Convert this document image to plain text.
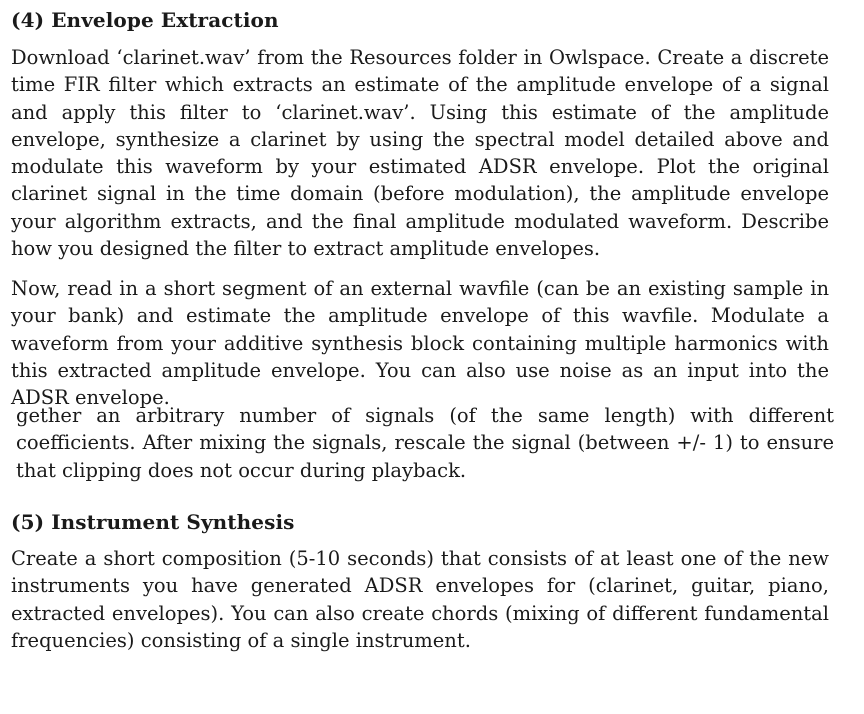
(4) Envelope Extraction
Download ‘clarinet.wav’ from the Resources folder in Owlspace. Create a discrete time FIR filter which extracts an estimate of the amplitude envelope of a signal and apply this filter to ‘clarinet.wav’. Using this estimate of the amplitude envelope, synthesize a clarinet by using the spectral model detailed above and modulate this waveform by your estimated ADSR envelope. Plot the original clarinet signal in the time domain (before modulation), the amplitude envelope your algorithm extracts, and the final amplitude modulated waveform. Describe how you designed the filter to extract amplitude envelopes.
Now, read in a short segment of an external wavfile (can be an existing sample in your bank) and estimate the amplitude envelope of this wavfile. Modulate a waveform from your additive synthesis block containing multiple harmonics with this extracted amplitude envelope. You can also use noise as an input into the ADSR envelope.
gether an arbitrary number of signals (of the same length) with different coefficients. After mixing the signals, rescale the signal (between +/- 1) to ensure that clipping does not occur during playback.
(5) Instrument Synthesis
Create a short composition (5-10 seconds) that consists of at least one of the new instruments you have generated ADSR envelopes for (clarinet, guitar, piano, extracted envelopes). You can also create chords (mixing of different fundamental frequencies) consisting of a single instrument.
